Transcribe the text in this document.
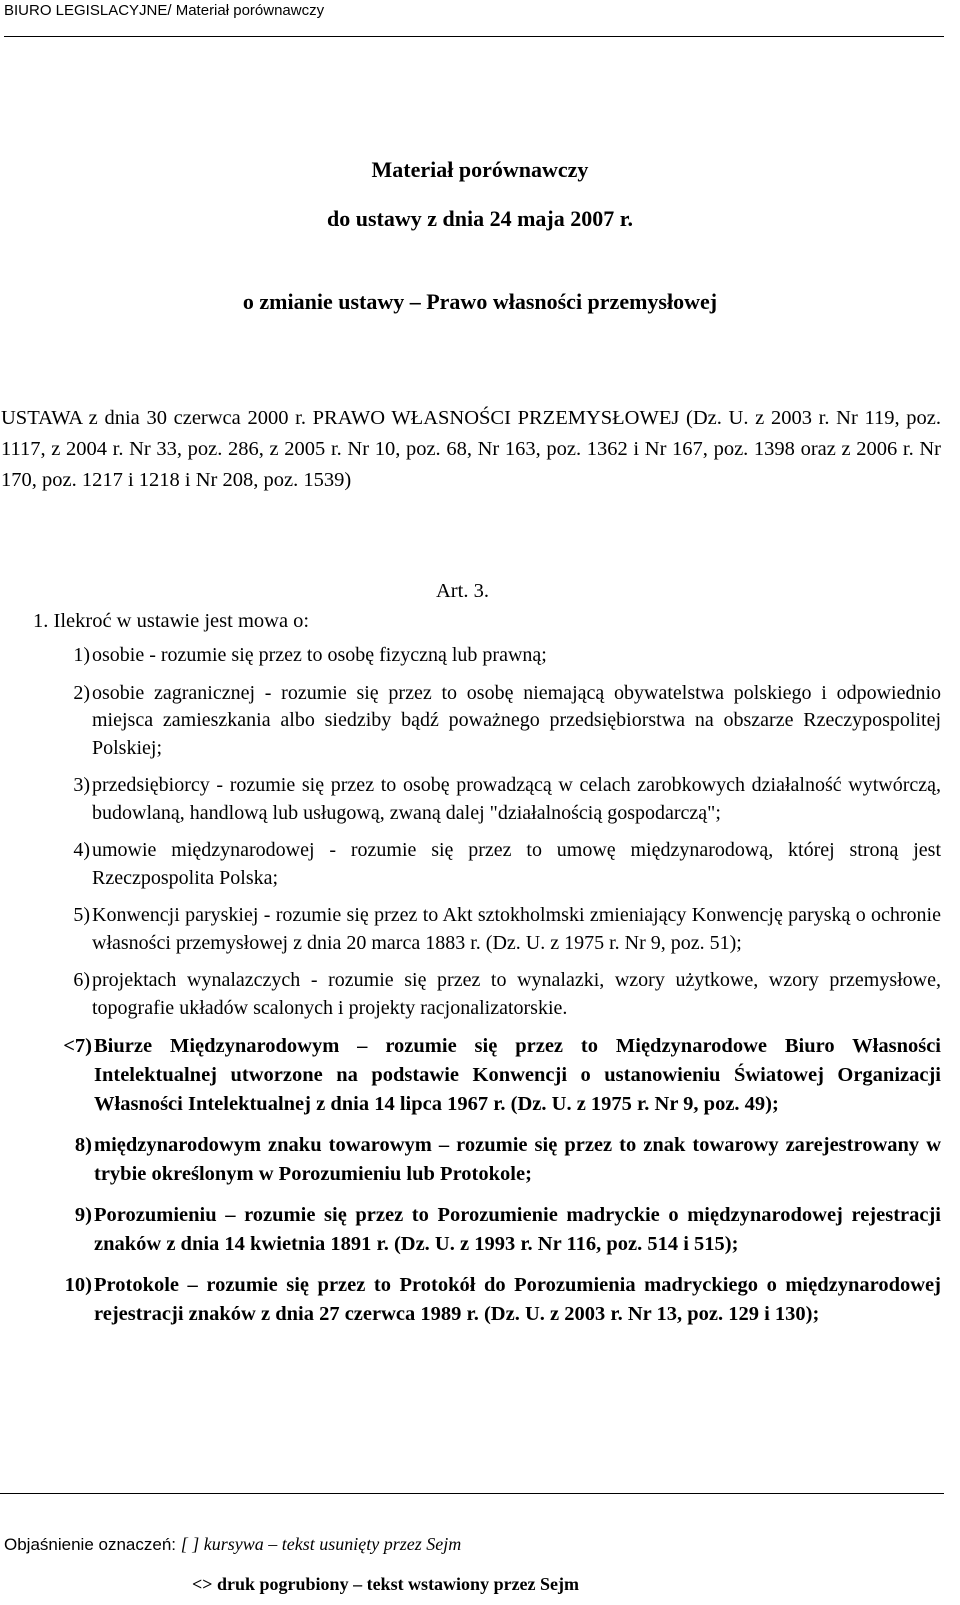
BIURO LEGISLACYJNE/ Materiał porównawczy
Materiał porównawczy
do ustawy z dnia 24 maja 2007 r.
o zmianie ustawy – Prawo własności przemysłowej
USTAWA z dnia 30 czerwca 2000 r. PRAWO WŁASNOŚCI PRZEMYSŁOWEJ (Dz. U. z 2003 r. Nr 119, poz. 1117, z 2004 r. Nr 33, poz. 286, z 2005 r. Nr 10, poz. 68, Nr 163, poz. 1362 i Nr 167, poz. 1398 oraz z 2006 r. Nr 170, poz. 1217 i 1218 i Nr 208, poz. 1539)
Art. 3.
1. Ilekroć w ustawie jest mowa o:
1) osobie - rozumie się przez to osobę fizyczną lub prawną;
2) osobie zagranicznej - rozumie się przez to osobę niemającą obywatelstwa polskiego i odpowiednio miejsca zamieszkania albo siedziby bądź poważnego przedsiębiorstwa na obszarze Rzeczypospolitej Polskiej;
3) przedsiębiorcy - rozumie się przez to osobę prowadzącą w celach zarobkowych działalność wytwórczą, budowlaną, handlową lub usługową, zwaną dalej "działalnością gospodarczą";
4) umowie międzynarodowej - rozumie się przez to umowę międzynarodową, której stroną jest Rzeczpospolita Polska;
5) Konwencji paryskiej - rozumie się przez to Akt sztokholmski zmieniający Konwencję paryską o ochronie własności przemysłowej z dnia 20 marca 1883 r. (Dz. U. z 1975 r. Nr 9, poz. 51);
6) projektach wynalazczych - rozumie się przez to wynalazki, wzory użytkowe, wzory przemysłowe, topografie układów scalonych i projekty racjonalizatorskie.
<7) Biurze Międzynarodowym – rozumie się przez to Międzynarodowe Biuro Własności Intelektualnej utworzone na podstawie Konwencji o ustanowieniu Światowej Organizacji Własności Intelektualnej z dnia 14 lipca 1967 r. (Dz. U. z 1975 r. Nr 9, poz. 49);
8) międzynarodowym znaku towarowym – rozumie się przez to znak towarowy zarejestrowany w trybie określonym w Porozumieniu lub Protokole;
9) Porozumieniu – rozumie się przez to Porozumienie madryckie o międzynarodowej rejestracji znaków z dnia 14 kwietnia 1891 r. (Dz. U. z 1993 r. Nr 116, poz. 514 i 515);
10) Protokole – rozumie się przez to Protokół do Porozumienia madryckiego o międzynarodowej rejestracji znaków z dnia 27 czerwca 1989 r. (Dz. U. z 2003 r. Nr 13, poz. 129 i 130);
Objaśnienie oznaczeń: [ ] kursywa – tekst usunięty przez Sejm
<> druk pogrubiony – tekst wstawiony przez Sejm
